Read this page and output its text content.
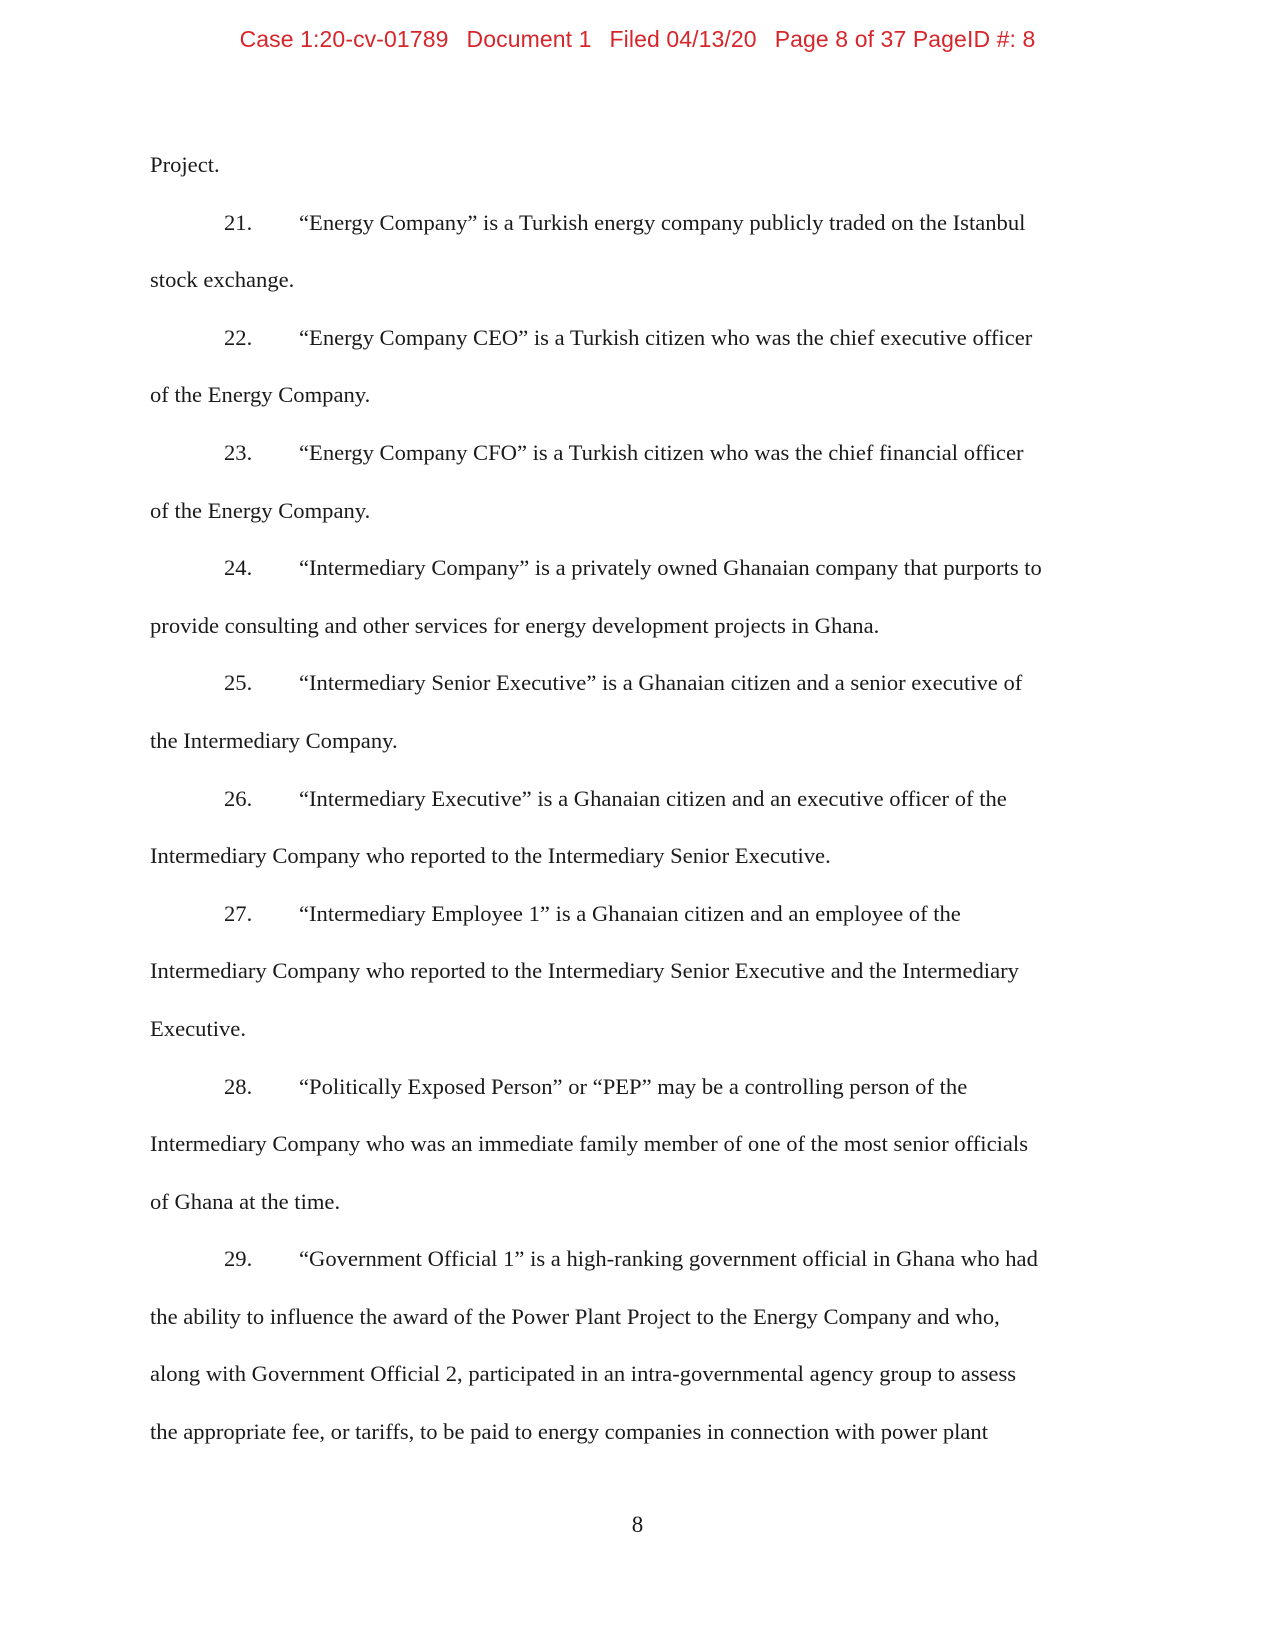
Case 1:20-cv-01789 Document 1 Filed 04/13/20 Page 8 of 37 PageID #: 8
Project.
21. “Energy Company” is a Turkish energy company publicly traded on the Istanbul
stock exchange.
22. “Energy Company CEO” is a Turkish citizen who was the chief executive officer
of the Energy Company.
23. “Energy Company CFO” is a Turkish citizen who was the chief financial officer
of the Energy Company.
24. “Intermediary Company” is a privately owned Ghanaian company that purports to
provide consulting and other services for energy development projects in Ghana.
25. “Intermediary Senior Executive” is a Ghanaian citizen and a senior executive of
the Intermediary Company.
26. “Intermediary Executive” is a Ghanaian citizen and an executive officer of the
Intermediary Company who reported to the Intermediary Senior Executive.
27. “Intermediary Employee 1” is a Ghanaian citizen and an employee of the
Intermediary Company who reported to the Intermediary Senior Executive and the Intermediary
Executive.
28. “Politically Exposed Person” or “PEP” may be a controlling person of the
Intermediary Company who was an immediate family member of one of the most senior officials
of Ghana at the time.
29. “Government Official 1” is a high-ranking government official in Ghana who had
the ability to influence the award of the Power Plant Project to the Energy Company and who,
along with Government Official 2, participated in an intra-governmental agency group to assess
the appropriate fee, or tariffs, to be paid to energy companies in connection with power plant
8
